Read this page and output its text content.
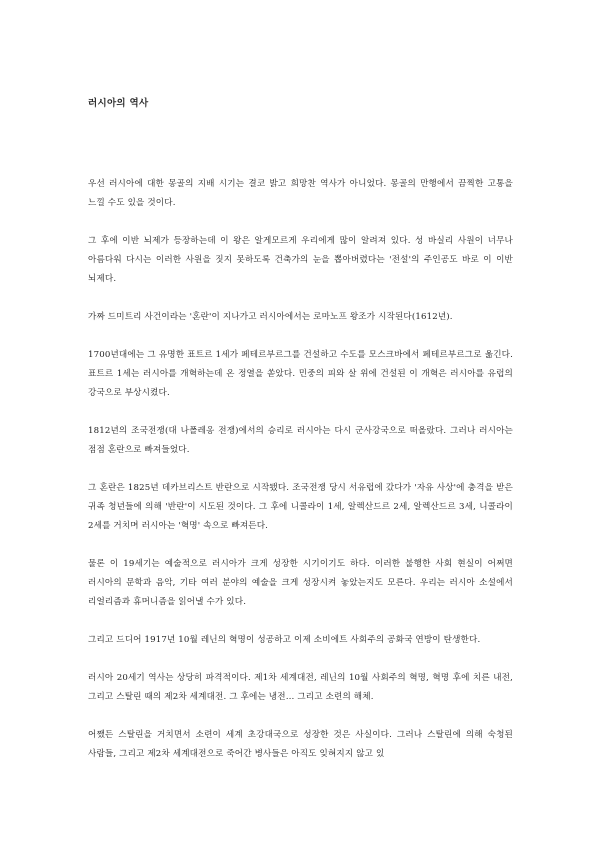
러시아의 역사

우선 러시아에 대한 몽골의 지배 시기는 결코 밝고 희망찬 역사가 아니었다. 몽골의 만행에서 끔찍한 고통을 느낄 수도 있을 것이다.

그 후에 이반 뇌제가 등장하는데 이 왕은 알게모르게 우리에게 많이 알려져 있다. 성 바실리 사원이 너무나 아름다워 다시는 이러한 사원을 짓지 못하도록 건축가의 눈을 뽑아버렸다는 '전설'의 주인공도 바로 이 이반 뇌제다.

가짜 드미트리 사건이라는 '혼란'이 지나가고 러시아에서는 로마노프 왕조가 시작된다(1612년).

1700년대에는 그 유명한 표트르 1세가 페테르부르그를 건설하고 수도를 모스크바에서 페테르부르그로 옮긴다. 표트르 1세는 러시아를 개혁하는데 온 정열을 쏟았다. 민중의 피와 살 위에 건설된 이 개혁은 러시아를 유럽의 강국으로 부상시켰다.

1812년의 조국전쟁(대 나폴레옹 전쟁)에서의 승리로 러시아는 다시 군사강국으로 떠올랐다. 그러나 러시아는 점점 혼란으로 빠져들었다.

그 혼란은 1825년 데카브리스트 반란으로 시작됐다. 조국전쟁 당시 서유럽에 갔다가 '자유 사상'에 충격을 받은 귀족 청년들에 의해 '반란'이 시도된 것이다. 그 후에 니콜라이 1세, 알렉산드르 2세, 알렉산드르 3세, 니콜라이 2세를 거치며 러시아는 '혁명' 속으로 빠져든다.

물론 이 19세기는 예술적으로 러시아가 크게 성장한 시기이기도 하다. 이러한 불행한 사회 현실이 어쩌면 러시아의 문학과 음악, 기타 여러 분야의 예술을 크게 성장시켜 놓았는지도 모른다. 우리는 러시아 소설에서 리얼리즘과 휴머니즘을 읽어낼 수가 있다.

그리고 드디어 1917년 10월 레닌의 혁명이 성공하고 이제 소비에트 사회주의 공화국 연방이 탄생한다.

러시아 20세기 역사는 상당히 파격적이다. 제1차 세계대전, 레닌의 10월 사회주의 혁명, 혁명 후에 치른 내전, 그리고 스탈린 때의 제2차 세계대전. 그 후에는 냉전… 그리고 소련의 해체.

어쨌든 스탈린을 거치면서 소련이 세계 초강대국으로 성장한 것은 사실이다. 그러나 스탈린에 의해 숙청된 사람들, 그리고 제2차 세계대전으로 죽어간 병사들은 아직도 잊혀지지 않고 있
